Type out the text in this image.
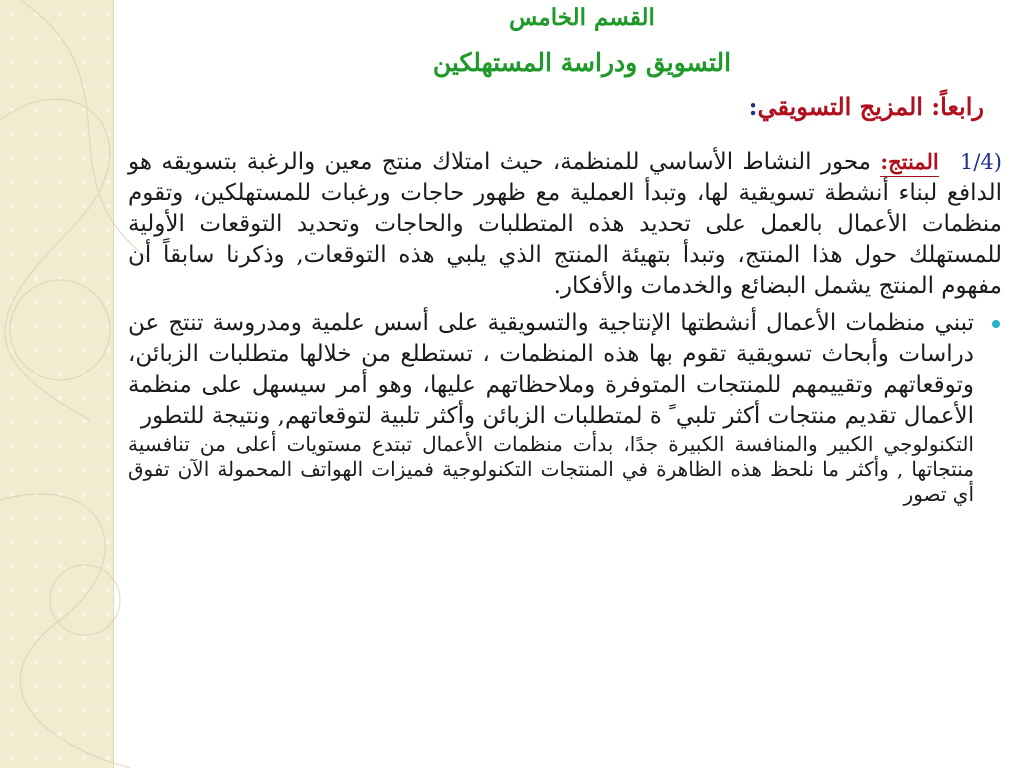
القسم الخامس
التسويق ودراسة المستهلكين
رابعاً: المزيج التسويقي:

(1/4 المنتج: محور النشاط الأساسي للمنظمة، حيث امتلاك منتج معين والرغبة بتسويقه هو الدافع لبناء أنشطة تسويقية لها، وتبدأ العملية مع ظهور حاجات ورغبات للمستهلكين، وتقوم منظمات الأعمال بالعمل على تحديد هذه المتطلبات والحاجات وتحديد التوقعات الأولية للمستهلك حول هذا المنتج، وتبدأ بتهيئة المنتج الذي يلبي هذه التوقعات, وذكرنا سابقاً أن مفهوم المنتج يشمل البضائع والخدمات والأفكار.

تبني منظمات الأعمال أنشطتها الإنتاجية والتسويقية على أسس علمية ومدروسة تنتج عن دراسات وأبحاث تسويقية تقوم بها هذه المنظمات ، تستطلع من خلالها متطلبات الزبائن، وتوقعاتهم وتقييمهم للمنتجات المتوفرة وملاحظاتهم عليها، وهو أمر سيسهل على منظمة الأعمال تقديم منتجات أكثر تلبي ً ة لمتطلبات الزبائن وأكثر تلبية لتوقعاتهم, ونتيجة للتطور

التكنولوجي الكبير والمنافسة الكبيرة جدًا، بدأت منظمات الأعمال تبتدع مستويات أعلى من تنافسية منتجاتها , وأكثر ما نلحظ هذه الظاهرة في المنتجات التكنولوجية فميزات الهواتف المحمولة الآن تفوق أي تصور
